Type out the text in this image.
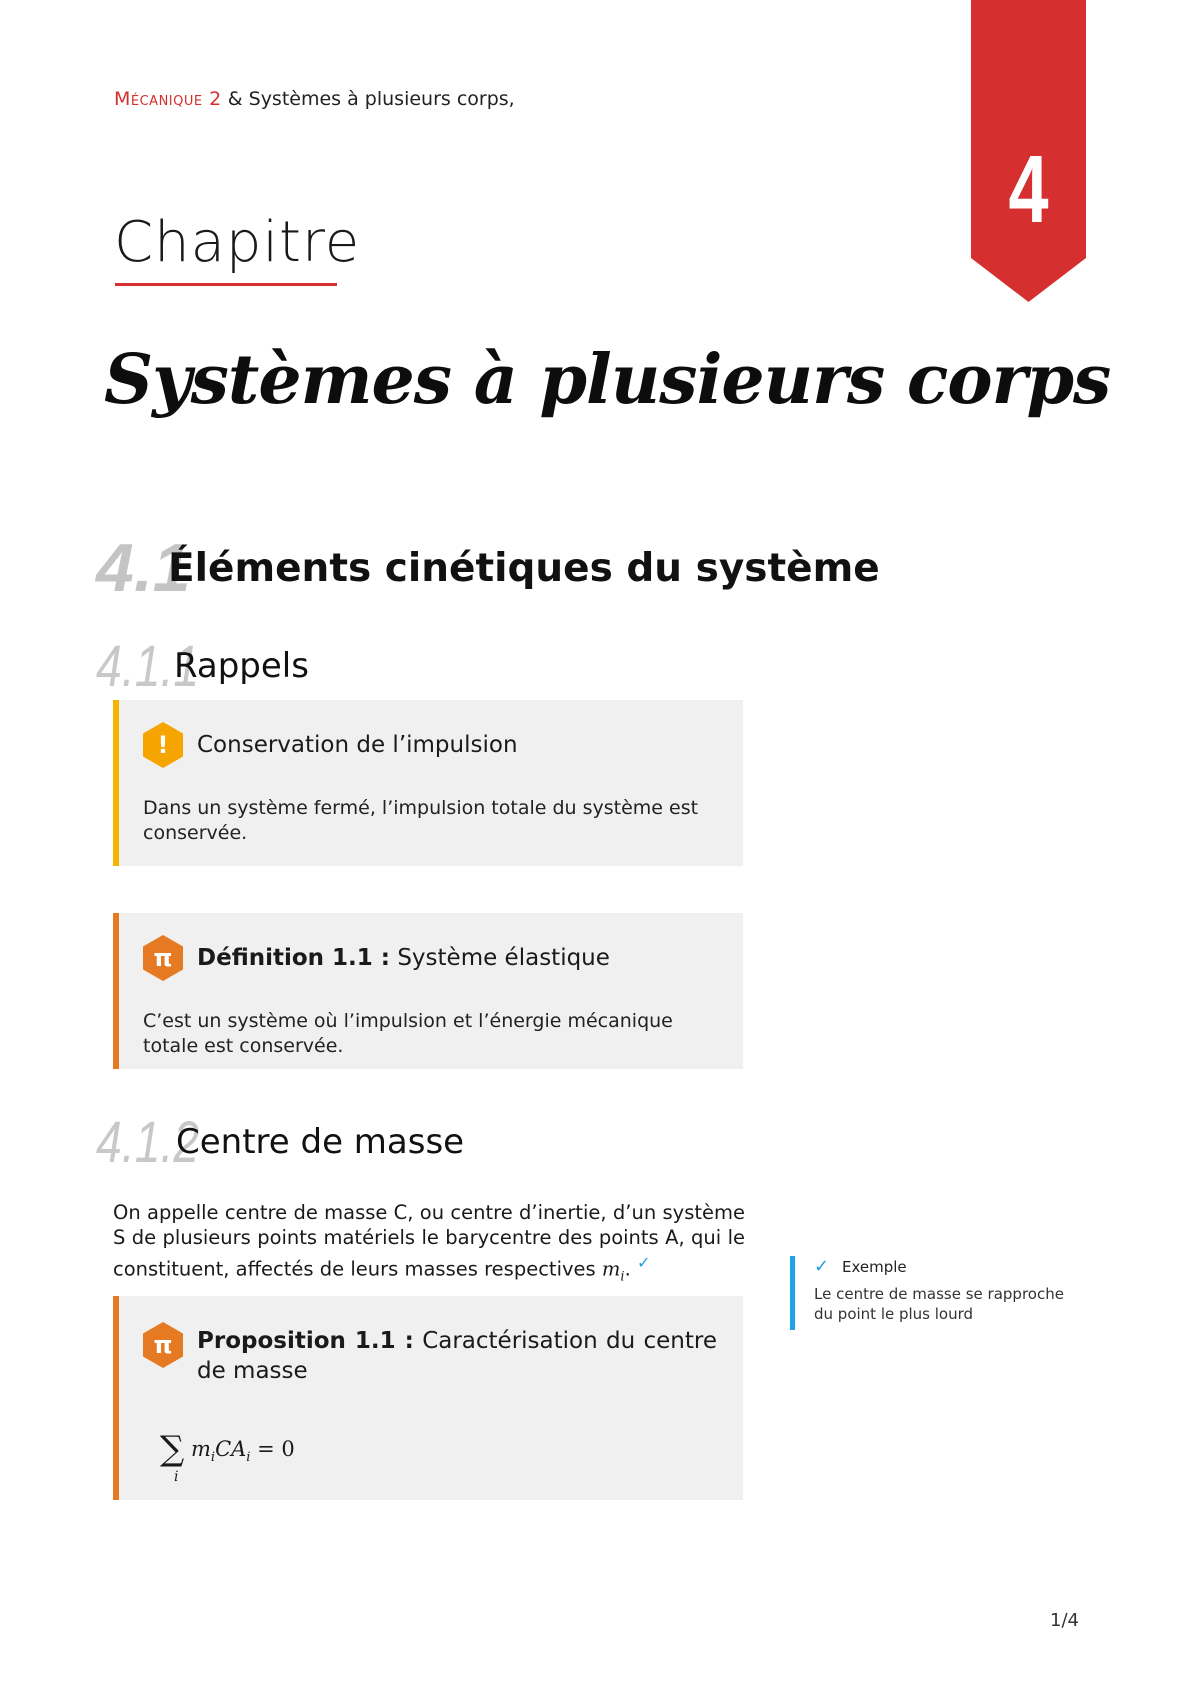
Mécanique 2 & Systèmes à plusieurs corps,
4
Chapitre
Systèmes à plusieurs corps
4.1
Éléments cinétiques du système
4.1.1
Rappels
!	Conservation de l’impulsion
Dans un système fermé, l’impulsion totale du système est conservée.
π	Définition 1.1 : Système élastique
C’est un système où l’impulsion et l’énergie mécanique totale est conservée.
4.1.2
Centre de masse
On appelle centre de masse C, ou centre d’inertie, d’un système S de plusieurs points matériels le barycentre des points A, qui le constituent, affectés de leurs masses respectives $m_i$. ✓	✓ Exemple
Le centre de masse se rapproche du point le plus lourd
π	Proposition 1.1 : Caractérisation du centre de masse
∑
i
$m_iCA_i = 0$
1/4
